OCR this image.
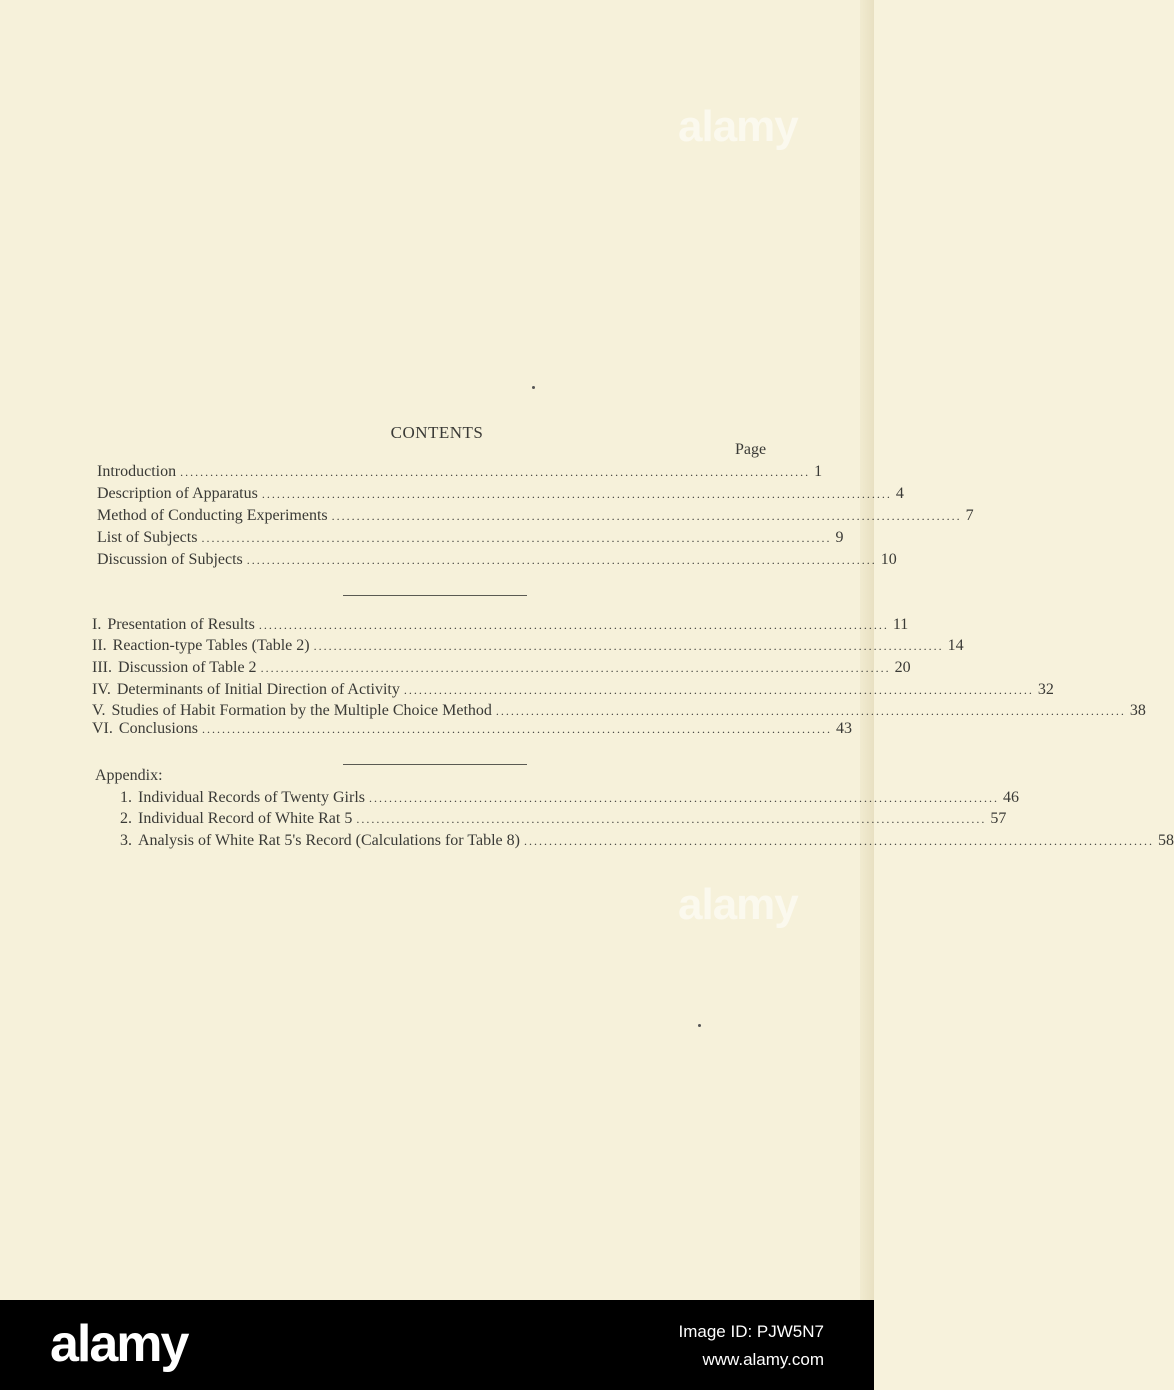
alamy
alamy
CONTENTS
Page
Introduction .............................................................................................................................. 1
Description of Apparatus .............................................................................................................................. 4
Method of Conducting Experiments .............................................................................................................................. 7
List of Subjects .............................................................................................................................. 9
Discussion of Subjects .............................................................................................................................. 10
I. Presentation of Results .............................................................................................................................. 11
II. Reaction-type Tables (Table 2) .............................................................................................................................. 14
III. Discussion of Table 2 .............................................................................................................................. 20
IV. Determinants of Initial Direction of Activity .............................................................................................................................. 32
V. Studies of Habit Formation by the Multiple Choice Method .............................................................................................................................. 38
VI. Conclusions .............................................................................................................................. 43
Appendix:
1. Individual Records of Twenty Girls .............................................................................................................................. 46
2. Individual Record of White Rat 5 .............................................................................................................................. 57
3. Analysis of White Rat 5's Record (Calculations for Table 8) .............................................................................................................................. 58
alamy	Image ID: PJW5N7
www.alamy.com
